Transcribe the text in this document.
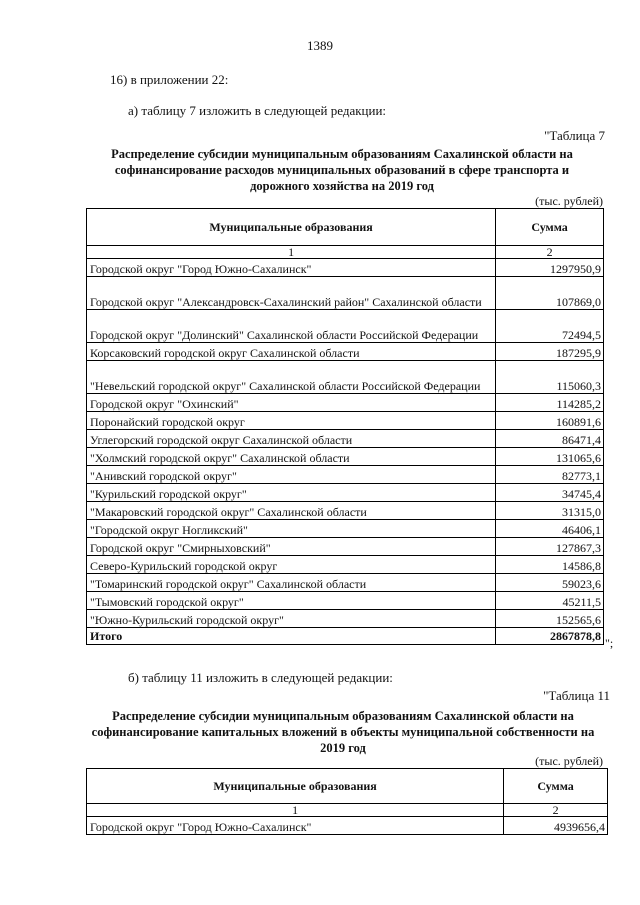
1389
16) в приложении 22:
а) таблицу 7 изложить в следующей редакции:
"Таблица 7
Распределение субсидии муниципальным образованиям Сахалинской области на софинансирование расходов муниципальных образований в сфере транспорта и дорожного хозяйства на 2019 год
(тыс. рублей)
Муниципальные образования	Сумма
1	2
Городской округ "Город Южно-Сахалинск"	1297950,9
Городской округ "Александровск-Сахалинский район" Сахалинской области	107869,0
Городской округ "Долинский" Сахалинской области Российской Федерации	72494,5
Корсаковский городской округ Сахалинской области	187295,9
"Невельский городской округ" Сахалинской области Российской Федерации	115060,3
Городской округ "Охинский"	114285,2
Поронайский городской округ	160891,6
Углегорский городской округ Сахалинской области	86471,4
"Холмский городской округ" Сахалинской области	131065,6
"Анивский городской округ"	82773,1
"Курильский городской округ"	34745,4
"Макаровский городской округ" Сахалинской области	31315,0
"Городской округ Ногликский"	46406,1
Городской округ "Смирныховский"	127867,3
Северо-Курильский городской округ	14586,8
"Томаринский городской округ" Сахалинской области	59023,6
"Тымовский городской округ"	45211,5
"Южно-Курильский городской округ"	152565,6
Итого	2867878,8 ";
б) таблицу 11 изложить в следующей редакции:
"Таблица 11
Распределение субсидии муниципальным образованиям Сахалинской области на софинансирование капитальных вложений в объекты муниципальной собственности на 2019 год
(тыс. рублей)
Муниципальные образования	Сумма
1	2
Городской округ "Город Южно-Сахалинск"	4939656,4
